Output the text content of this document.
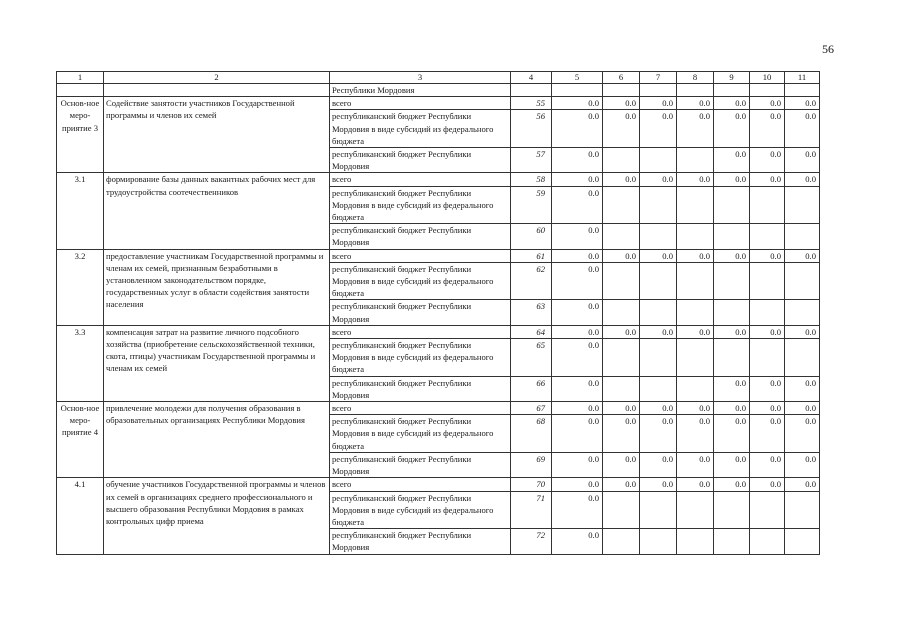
56
1	2	3	4	5	6	7	8	9	10	11
		Республики Мордовия								
Основ-ное меро-приятие 3	Содействие занятости участников Государственной программы и членов их семей	всего	55	0.0	0.0	0.0	0.0	0.0	0.0	0.0
		республиканский бюджет Республики Мордовия в виде субсидий из федерального бюджета	56	0.0	0.0	0.0	0.0	0.0	0.0	0.0
		республиканский бюджет Республики Мордовия	57	0.0				0.0	0.0	0.0
3.1	формирование базы данных вакантных рабочих мест для трудоустройства соотечественников	всего	58	0.0	0.0	0.0	0.0	0.0	0.0	0.0
		республиканский бюджет Республики Мордовия в виде субсидий из федерального бюджета	59	0.0						
		республиканский бюджет Республики Мордовия	60	0.0						
3.2	предоставление участникам Государственной программы и членам их семей, признанным безработными в установленном законодательством порядке, государственных услуг в области содействия занятости населения	всего	61	0.0	0.0	0.0	0.0	0.0	0.0	0.0
		республиканский бюджет Республики Мордовия в виде субсидий из федерального бюджета	62	0.0						
		республиканский бюджет Республики Мордовия	63	0.0						
3.3	компенсация затрат на развитие личного подсобного хозяйства (приобретение сельскохозяйственной техники, скота, птицы) участникам Государственной программы и членам их семей	всего	64	0.0	0.0	0.0	0.0	0.0	0.0	0.0
		республиканский бюджет Республики Мордовия в виде субсидий из федерального бюджета	65	0.0						
		республиканский бюджет Республики Мордовия	66	0.0				0.0	0.0	0.0
Основ-ное меро-приятие 4	привлечение молодежи для получения образования в образовательных организациях Республики Мордовия	всего	67	0.0	0.0	0.0	0.0	0.0	0.0	0.0
		республиканский бюджет Республики Мордовия в виде субсидий из федерального бюджета	68	0.0	0.0	0.0	0.0	0.0	0.0	0.0
		республиканский бюджет Республики Мордовия	69	0.0	0.0	0.0	0.0	0.0	0.0	0.0
4.1	обучение участников Государственной программы и членов их семей в организациях среднего профессионального и высшего образования Республики Мордовия в рамках контрольных цифр приема	всего	70	0.0	0.0	0.0	0.0	0.0	0.0	0.0
		республиканский бюджет Республики Мордовия в виде субсидий из федерального бюджета	71	0.0						
		республиканский бюджет Республики Мордовия	72	0.0						
